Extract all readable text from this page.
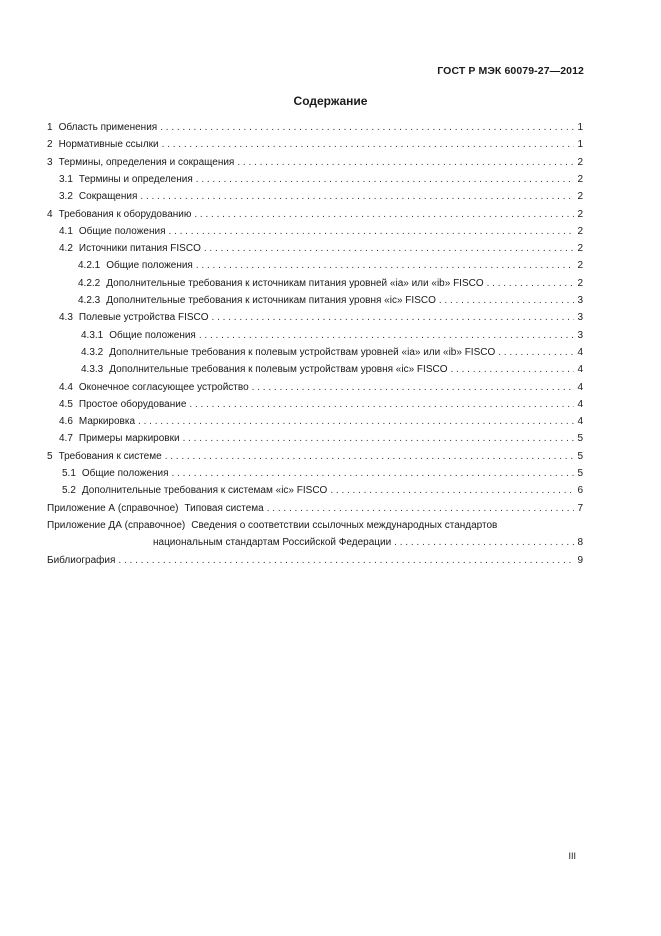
ГОСТ Р МЭК 60079-27—2012
Содержание
1 Область применения . . .	1
2 Нормативные ссылки . . .	1
3 Термины, определения и сокращения . . .	2
3.1 Термины и определения . . .	2
3.2 Сокращения . . .	2
4 Требования к оборудованию . . .	2
4.1 Общие положения . . .	2
4.2 Источники питания FISCO . . .	2
4.2.1 Общие положения . . .	2
4.2.2 Дополнительные требования к источникам питания уровней «ia» или «ib» FISCO . . .	2
4.2.3 Дополнительные требования к источникам питания уровня «ic» FISCO . . .	3
4.3 Полевые устройства FISCO . . .	3
4.3.1 Общие положения . . .	3
4.3.2 Дополнительные требования к полевым устройствам уровней «ia» или «ib» FISCO . . .	4
4.3.3 Дополнительные требования к полевым устройствам уровня «ic» FISCO . . .	4
4.4 Оконечное согласующее устройство . . .	4
4.5 Простое оборудование . . .	4
4.6 Маркировка . . .	4
4.7 Примеры маркировки . . .	5
5 Требования к системе . . .	5
5.1 Общие положения . . .	5
5.2 Дополнительные требования к системам «ic» FISCO . . .	6
Приложение А (справочное) Типовая система . . .	7
Приложение ДА (справочное) Сведения о соответствии ссылочных международных стандартов
национальным стандартам Российской Федерации . . .	8
Библиография . . .	9
III
